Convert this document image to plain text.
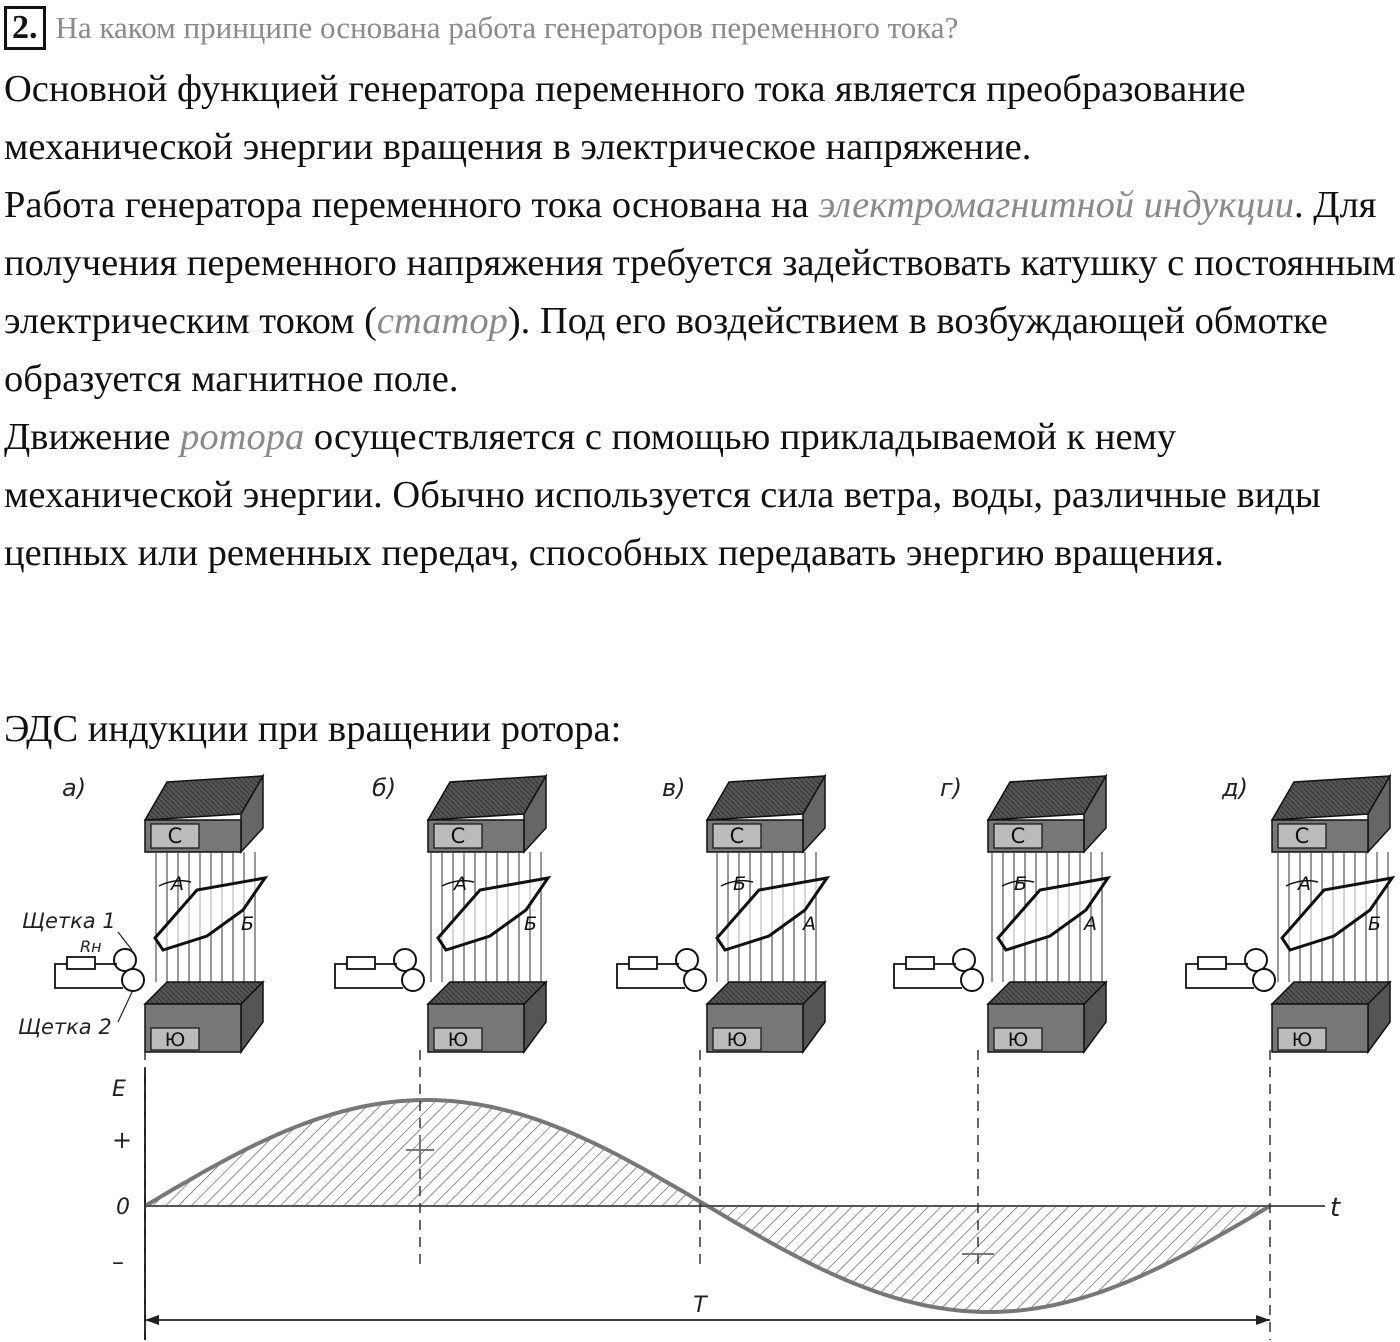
2. На каком принципе основана работа генераторов переменного тока?

Основной функцией генератора переменного тока является преобразование механической энергии вращения в электрическое напряжение.

Работа генератора переменного тока основана на электромагнитной индукции. Для получения переменного напряжения требуется задействовать катушку с постоянным электрическим током (статор). Под его воздействием в возбуждающей обмотке образуется магнитное поле.

Движение ротора осуществляется с помощью прикладываемой к нему механической энергии. Обычно используется сила ветра, воды, различные виды цепных или ременных передач, способных передавать энергию вращения.

ЭДС индукции при вращении ротора:
а)
С
Ю
А
Б
б)
С
Ю
А
Б
в)
С
Ю
Б
А
г)
С
Ю
Б
А
д)
С
Ю
А
Б
Щетка 1
Rн
Щетка 2
E
+
0
–
t
T
